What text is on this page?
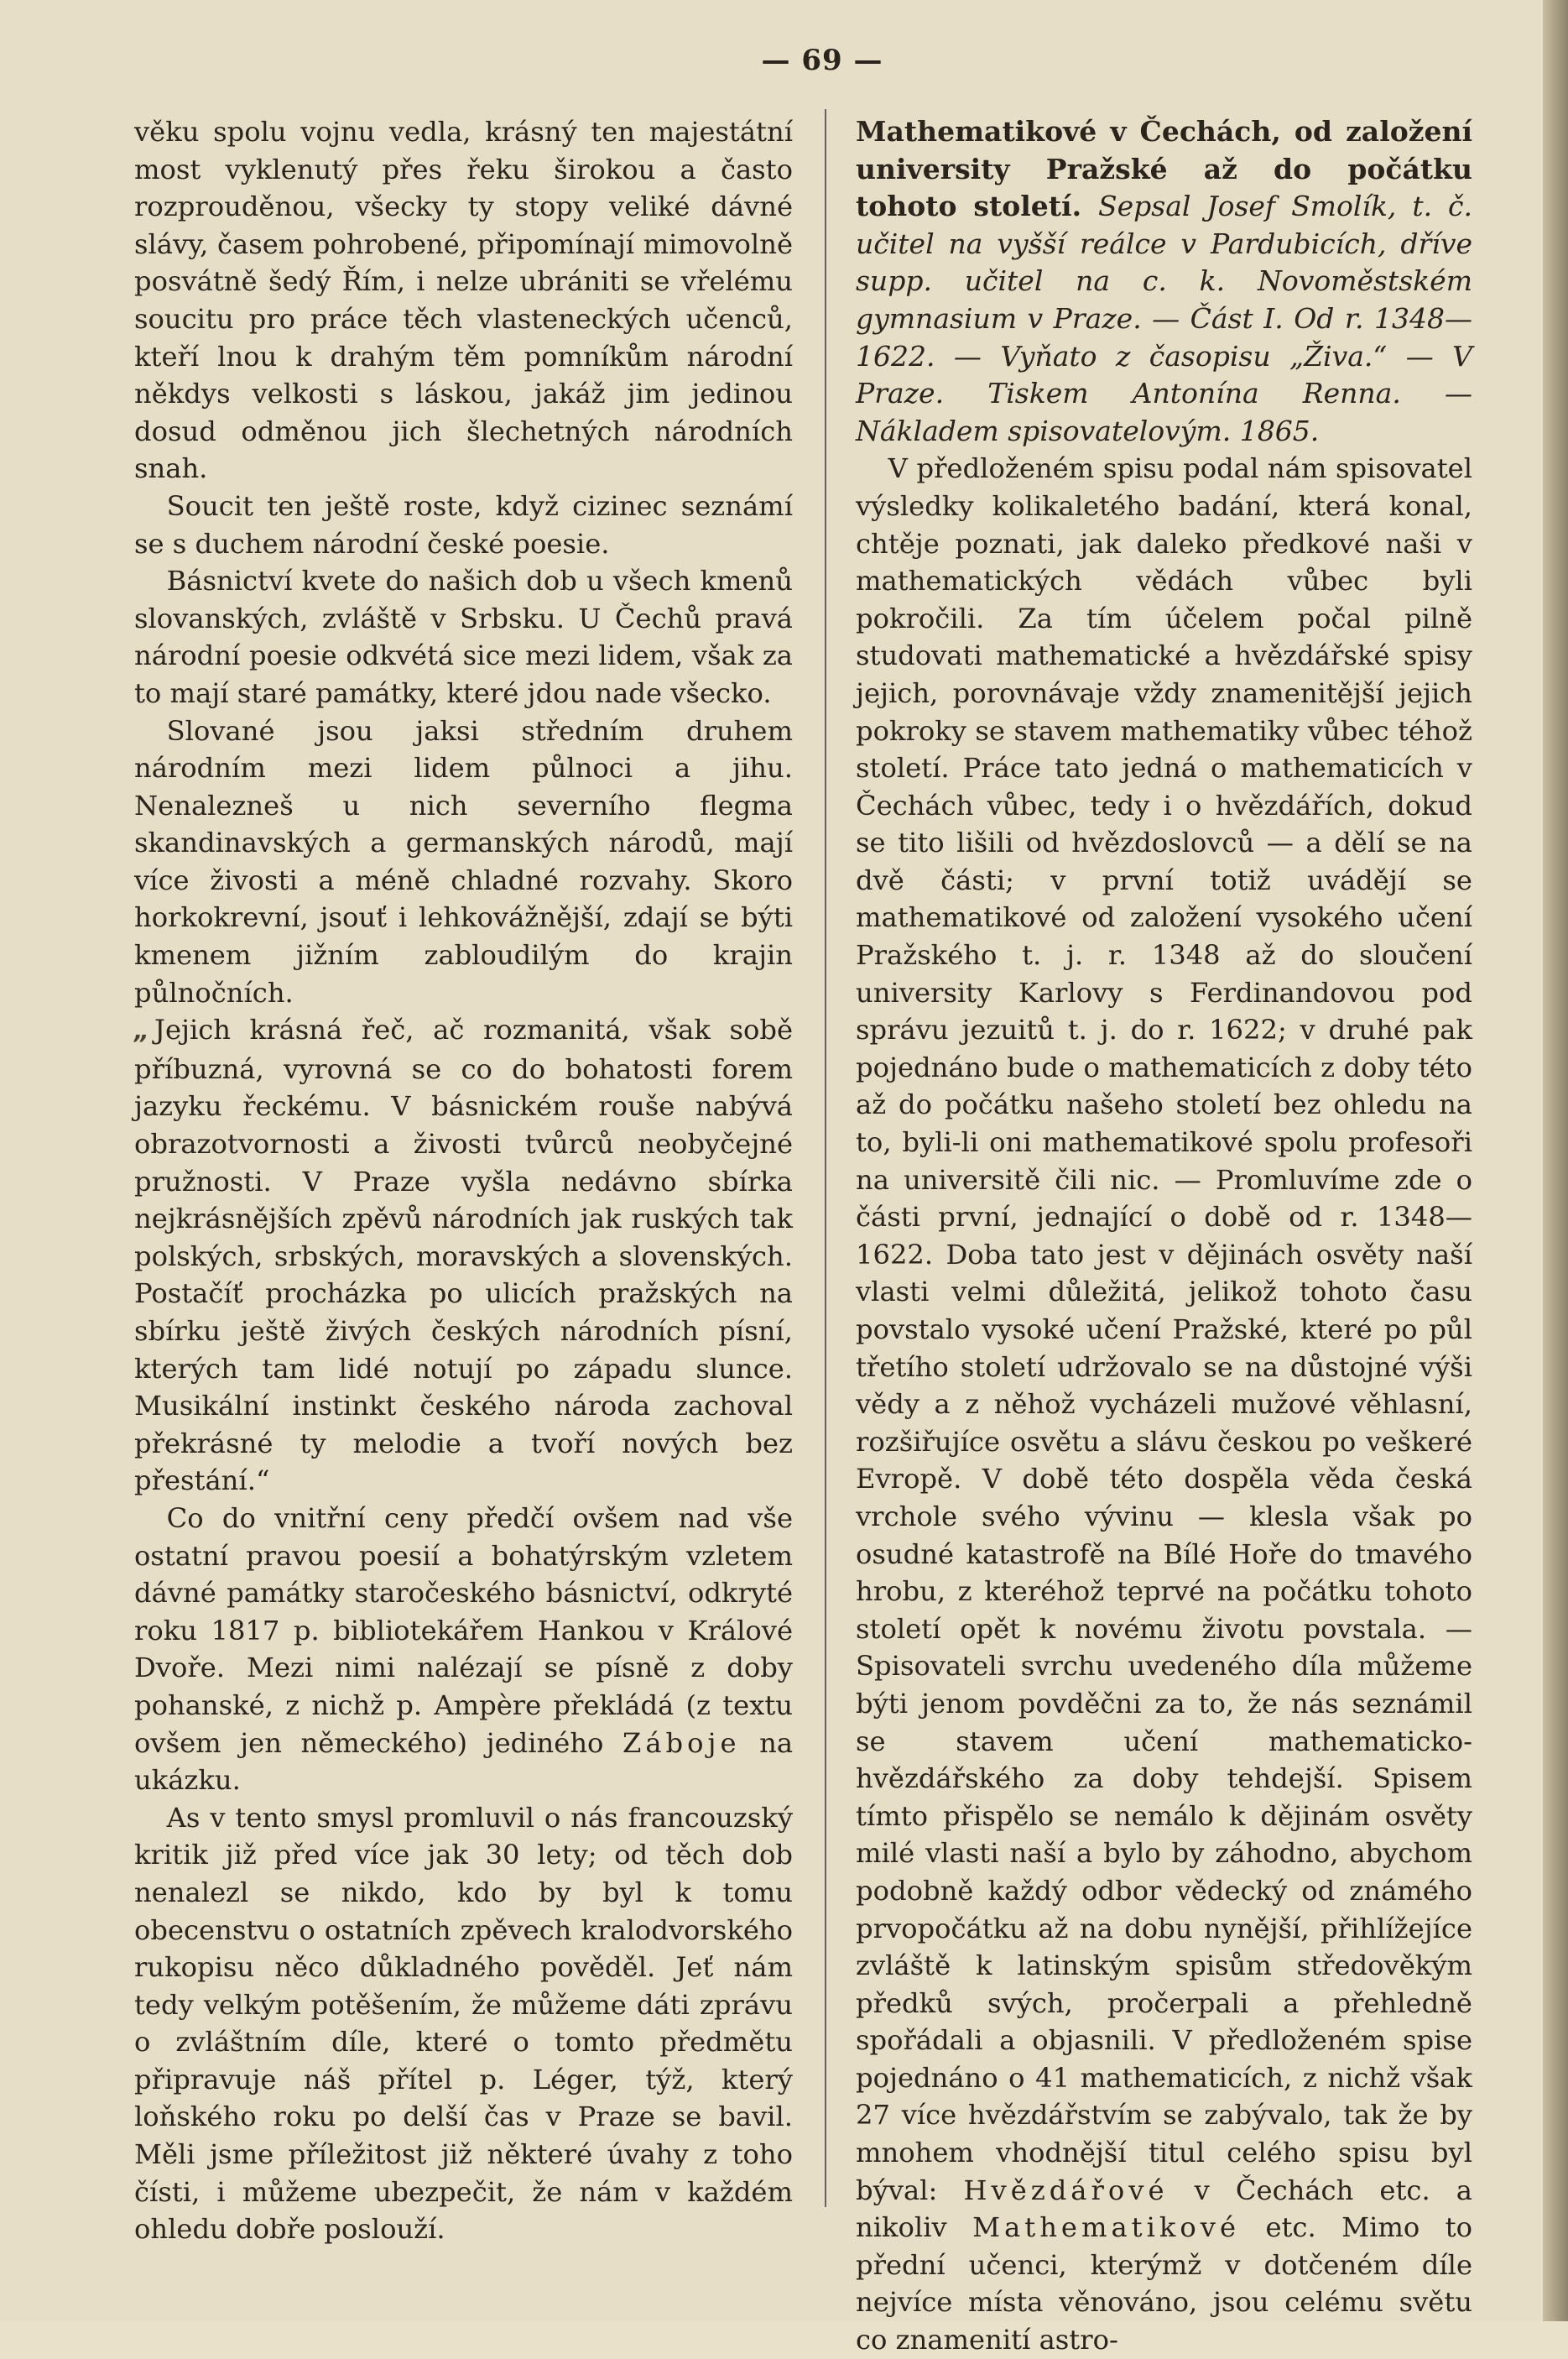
— 69 —

věku spolu vojnu vedla, krásný ten majestátní most vyklenutý přes řeku širokou a často rozprouděnou, všecky ty stopy veliké dávné slávy, časem pohrobené, připomínají mimovolně posvátně šedý Řím, i nelze ubrániti se vřelému soucitu pro práce těch vlasteneckých učenců, kteří lnou k drahým těm pomníkům národní někdys velkosti s láskou, jakáž jim jedinou dosud odměnou jich šlechetných národních snah.

Soucit ten ještě roste, když cizinec seznámí se s duchem národní české poesie.

Básnictví kvete do našich dob u všech kmenů slovanských, zvláště v Srbsku. U Čechů pravá národní poesie odkvétá sice mezi lidem, však za to mají staré památky, které jdou nade všecko.

Slované jsou jaksi středním druhem národním mezi lidem půlnoci a jihu. Nenalezneš u nich severního flegma skandinavských a germanských národů, mají více živosti a méně chladné rozvahy. Skoro horkokrevní, jsouť i lehkovážnější, zdají se býti kmenem jižním zabloudilým do krajin půlnočních.

„ Jejich krásná řeč, ač rozmanitá, však sobě příbuzná, vyrovná se co do bohatosti forem jazyku řeckému. V básnickém rouše nabývá obrazotvornosti a živosti tvůrců neobyčejné pružnosti. V Praze vyšla nedávno sbírka nejkrásnějších zpěvů národních jak ruských tak polských, srbských, moravských a slovenských. Postačíť procházka po ulicích pražských na sbírku ještě živých českých národních písní, kterých tam lidé notují po západu slunce. Musikální instinkt českého národa zachoval překrásné ty melodie a tvoří nových bez přestání.“

Co do vnitřní ceny předčí ovšem nad vše ostatní pravou poesií a bohatýrským vzletem dávné památky staročeského básnictví, odkryté roku 1817 p. bibliotekářem Hankou v Králové Dvoře. Mezi nimi nalézají se písně z doby pohanské, z nichž p. Ampère překládá (z textu ovšem jen německého) jediného Záboje na ukázku.

As v tento smysl promluvil o nás francouzský kritik již před více jak 30 lety; od těch dob nenalezl se nikdo, kdo by byl k tomu obecenstvu o ostatních zpěvech kralodvorského rukopisu něco důkladného pověděl. Jeť nám tedy velkým potěšením, že můžeme dáti zprávu o zvláštním díle, které o tomto předmětu připravuje náš přítel p. Léger, týž, který loňského roku po delší čas v Praze se bavil. Měli jsme příležitost již některé úvahy z toho čísti, i můžeme ubezpečit, že nám v každém ohledu dobře poslouží.

Mathematikové v Čechách, od založení university Pražské až do počátku tohoto století. Sepsal Josef Smolík, t. č. učitel na vyšší reálce v Pardubicích, dříve supp. učitel na c. k. Novoměstském gymnasium v Praze. — Část I. Od r. 1348—1622. — Vyňato z časopisu „Živa.“ — V Praze. Tiskem Antonína Renna. — Nákladem spisovatelovým. 1865.

V předloženém spisu podal nám spisovatel výsledky kolikaletého badání, která konal, chtěje poznati, jak daleko předkové naši v mathematických vědách vůbec byli pokročili. Za tím účelem počal pilně studovati mathematické a hvězdářské spisy jejich, porovnávaje vždy znamenitější jejich pokroky se stavem mathematiky vůbec téhož století. Práce tato jedná o mathematicích v Čechách vůbec, tedy i o hvězdářích, dokud se tito lišili od hvězdoslovců — a dělí se na dvě části; v první totiž uvádějí se mathematikové od založení vysokého učení Pražského t. j. r. 1348 až do sloučení university Karlovy s Ferdinandovou pod správu jezuitů t. j. do r. 1622; v druhé pak pojednáno bude o mathematicích z doby této až do počátku našeho století bez ohledu na to, byli-li oni mathematikové spolu profesoři na universitě čili nic. — Promluvíme zde o části první, jednající o době od r. 1348—1622. Doba tato jest v dějinách osvěty naší vlasti velmi důležitá, jelikož tohoto času povstalo vysoké učení Pražské, které po půl třetího století udržovalo se na důstojné výši vědy a z něhož vycházeli mužové věhlasní, rozšiřujíce osvětu a slávu českou po veškeré Evropě. V době této dospěla věda česká vrchole svého vývinu — klesla však po osudné katastrofě na Bílé Hoře do tmavého hrobu, z kteréhož teprvé na počátku tohoto století opět k novému životu povstala. — Spisovateli svrchu uvedeného díla můžeme býti jenom povděčni za to, že nás seznámil se stavem učení mathematicko-hvězdářského za doby tehdejší. Spisem tímto přispělo se nemálo k dějinám osvěty milé vlasti naší a bylo by záhodno, abychom podobně každý odbor vědecký od známého prvopočátku až na dobu nynější, přihlížejíce zvláště k latinským spisům středověkým předků svých, pročerpali a přehledně spořádali a objasnili. V předloženém spise pojednáno o 41 mathematicích, z nichž však 27 více hvězdářstvím se zabývalo, tak že by mnohem vhodnější titul celého spisu byl býval: Hvězdářové v Čechách etc. a nikoliv Mathematikové etc. Mimo to přední učenci, kterýmž v dotčeném díle nejvíce místa věnováno, jsou celému světu co znamenití astro-
